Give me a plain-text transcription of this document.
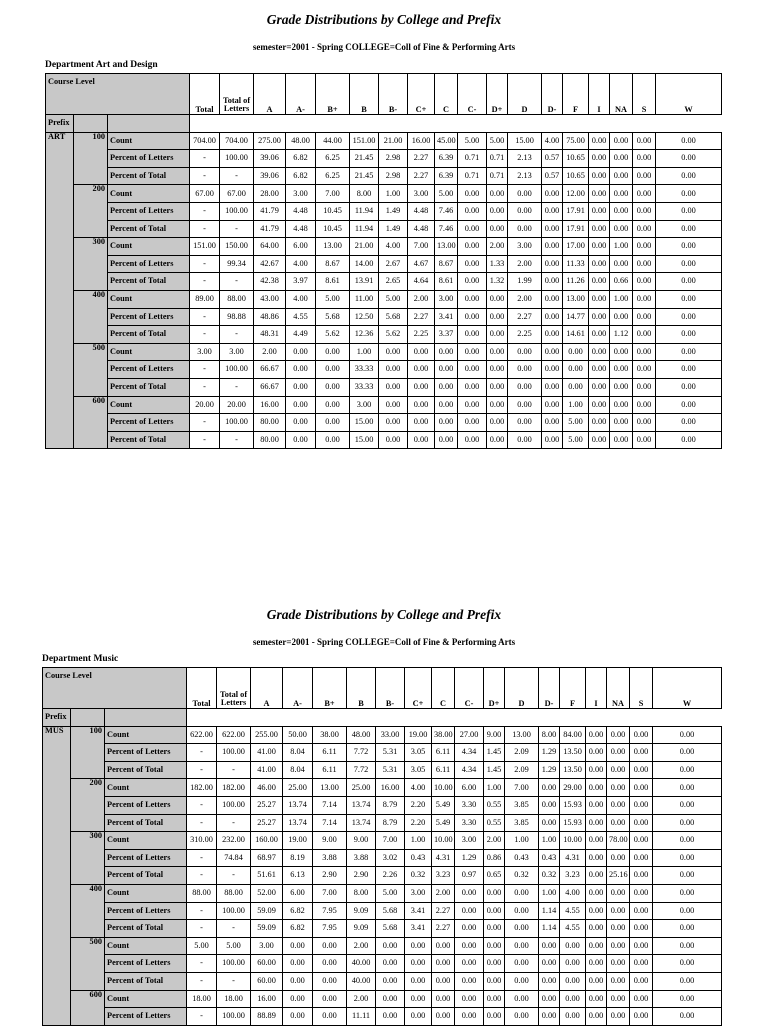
Grade Distributions by College and Prefix
semester=2001 - Spring COLLEGE=Coll of Fine & Performing Arts
Department Art and Design
Course Level			Total	Total of Letters	A	A-	B+	B	B-	C+	C	C-	D+	D	D-	F	I	NA	S	W
Prefix																				
ART	100	Count	704.00	704.00	275.00	48.00	44.00	151.00	21.00	16.00	45.00	5.00	5.00	15.00	4.00	75.00	0.00	0.00	0.00	0.00
		Percent of Letters	-	100.00	39.06	6.82	6.25	21.45	2.98	2.27	6.39	0.71	0.71	2.13	0.57	10.65	0.00	0.00	0.00	0.00
		Percent of Total	-	-	39.06	6.82	6.25	21.45	2.98	2.27	6.39	0.71	0.71	2.13	0.57	10.65	0.00	0.00	0.00	0.00
	200	Count	67.00	67.00	28.00	3.00	7.00	8.00	1.00	3.00	5.00	0.00	0.00	0.00	0.00	12.00	0.00	0.00	0.00	0.00
		Percent of Letters	-	100.00	41.79	4.48	10.45	11.94	1.49	4.48	7.46	0.00	0.00	0.00	0.00	17.91	0.00	0.00	0.00	0.00
		Percent of Total	-	-	41.79	4.48	10.45	11.94	1.49	4.48	7.46	0.00	0.00	0.00	0.00	17.91	0.00	0.00	0.00	0.00
	300	Count	151.00	150.00	64.00	6.00	13.00	21.00	4.00	7.00	13.00	0.00	2.00	3.00	0.00	17.00	0.00	1.00	0.00	0.00
		Percent of Letters	-	99.34	42.67	4.00	8.67	14.00	2.67	4.67	8.67	0.00	1.33	2.00	0.00	11.33	0.00	0.00	0.00	0.00
		Percent of Total	-	-	42.38	3.97	8.61	13.91	2.65	4.64	8.61	0.00	1.32	1.99	0.00	11.26	0.00	0.66	0.00	0.00
	400	Count	89.00	88.00	43.00	4.00	5.00	11.00	5.00	2.00	3.00	0.00	0.00	2.00	0.00	13.00	0.00	1.00	0.00	0.00
		Percent of Letters	-	98.88	48.86	4.55	5.68	12.50	5.68	2.27	3.41	0.00	0.00	2.27	0.00	14.77	0.00	0.00	0.00	0.00
		Percent of Total	-	-	48.31	4.49	5.62	12.36	5.62	2.25	3.37	0.00	0.00	2.25	0.00	14.61	0.00	1.12	0.00	0.00
	500	Count	3.00	3.00	2.00	0.00	0.00	1.00	0.00	0.00	0.00	0.00	0.00	0.00	0.00	0.00	0.00	0.00	0.00	0.00
		Percent of Letters	-	100.00	66.67	0.00	0.00	33.33	0.00	0.00	0.00	0.00	0.00	0.00	0.00	0.00	0.00	0.00	0.00	0.00
		Percent of Total	-	-	66.67	0.00	0.00	33.33	0.00	0.00	0.00	0.00	0.00	0.00	0.00	0.00	0.00	0.00	0.00	0.00
	600	Count	20.00	20.00	16.00	0.00	0.00	3.00	0.00	0.00	0.00	0.00	0.00	0.00	0.00	1.00	0.00	0.00	0.00	0.00
		Percent of Letters	-	100.00	80.00	0.00	0.00	15.00	0.00	0.00	0.00	0.00	0.00	0.00	0.00	5.00	0.00	0.00	0.00	0.00
		Percent of Total	-	-	80.00	0.00	0.00	15.00	0.00	0.00	0.00	0.00	0.00	0.00	0.00	5.00	0.00	0.00	0.00	0.00
Grade Distributions by College and Prefix
semester=2001 - Spring COLLEGE=Coll of Fine & Performing Arts
Department Music
Course Level			Total	Total of Letters	A	A-	B+	B	B-	C+	C	C-	D+	D	D-	F	I	NA	S	W
Prefix																				
MUS	100	Count	622.00	622.00	255.00	50.00	38.00	48.00	33.00	19.00	38.00	27.00	9.00	13.00	8.00	84.00	0.00	0.00	0.00	0.00
		Percent of Letters	-	100.00	41.00	8.04	6.11	7.72	5.31	3.05	6.11	4.34	1.45	2.09	1.29	13.50	0.00	0.00	0.00	0.00
		Percent of Total	-	-	41.00	8.04	6.11	7.72	5.31	3.05	6.11	4.34	1.45	2.09	1.29	13.50	0.00	0.00	0.00	0.00
	200	Count	182.00	182.00	46.00	25.00	13.00	25.00	16.00	4.00	10.00	6.00	1.00	7.00	0.00	29.00	0.00	0.00	0.00	0.00
		Percent of Letters	-	100.00	25.27	13.74	7.14	13.74	8.79	2.20	5.49	3.30	0.55	3.85	0.00	15.93	0.00	0.00	0.00	0.00
		Percent of Total	-	-	25.27	13.74	7.14	13.74	8.79	2.20	5.49	3.30	0.55	3.85	0.00	15.93	0.00	0.00	0.00	0.00
	300	Count	310.00	232.00	160.00	19.00	9.00	9.00	7.00	1.00	10.00	3.00	2.00	1.00	1.00	10.00	0.00	78.00	0.00	0.00
		Percent of Letters	-	74.84	68.97	8.19	3.88	3.88	3.02	0.43	4.31	1.29	0.86	0.43	0.43	4.31	0.00	0.00	0.00	0.00
		Percent of Total	-	-	51.61	6.13	2.90	2.90	2.26	0.32	3.23	0.97	0.65	0.32	0.32	3.23	0.00	25.16	0.00	0.00
	400	Count	88.00	88.00	52.00	6.00	7.00	8.00	5.00	3.00	2.00	0.00	0.00	0.00	1.00	4.00	0.00	0.00	0.00	0.00
		Percent of Letters	-	100.00	59.09	6.82	7.95	9.09	5.68	3.41	2.27	0.00	0.00	0.00	1.14	4.55	0.00	0.00	0.00	0.00
		Percent of Total	-	-	59.09	6.82	7.95	9.09	5.68	3.41	2.27	0.00	0.00	0.00	1.14	4.55	0.00	0.00	0.00	0.00
	500	Count	5.00	5.00	3.00	0.00	0.00	2.00	0.00	0.00	0.00	0.00	0.00	0.00	0.00	0.00	0.00	0.00	0.00	0.00
		Percent of Letters	-	100.00	60.00	0.00	0.00	40.00	0.00	0.00	0.00	0.00	0.00	0.00	0.00	0.00	0.00	0.00	0.00	0.00
		Percent of Total	-	-	60.00	0.00	0.00	40.00	0.00	0.00	0.00	0.00	0.00	0.00	0.00	0.00	0.00	0.00	0.00	0.00
	600	Count	18.00	18.00	16.00	0.00	0.00	2.00	0.00	0.00	0.00	0.00	0.00	0.00	0.00	0.00	0.00	0.00	0.00	0.00
		Percent of Letters	-	100.00	88.89	0.00	0.00	11.11	0.00	0.00	0.00	0.00	0.00	0.00	0.00	0.00	0.00	0.00	0.00	0.00
